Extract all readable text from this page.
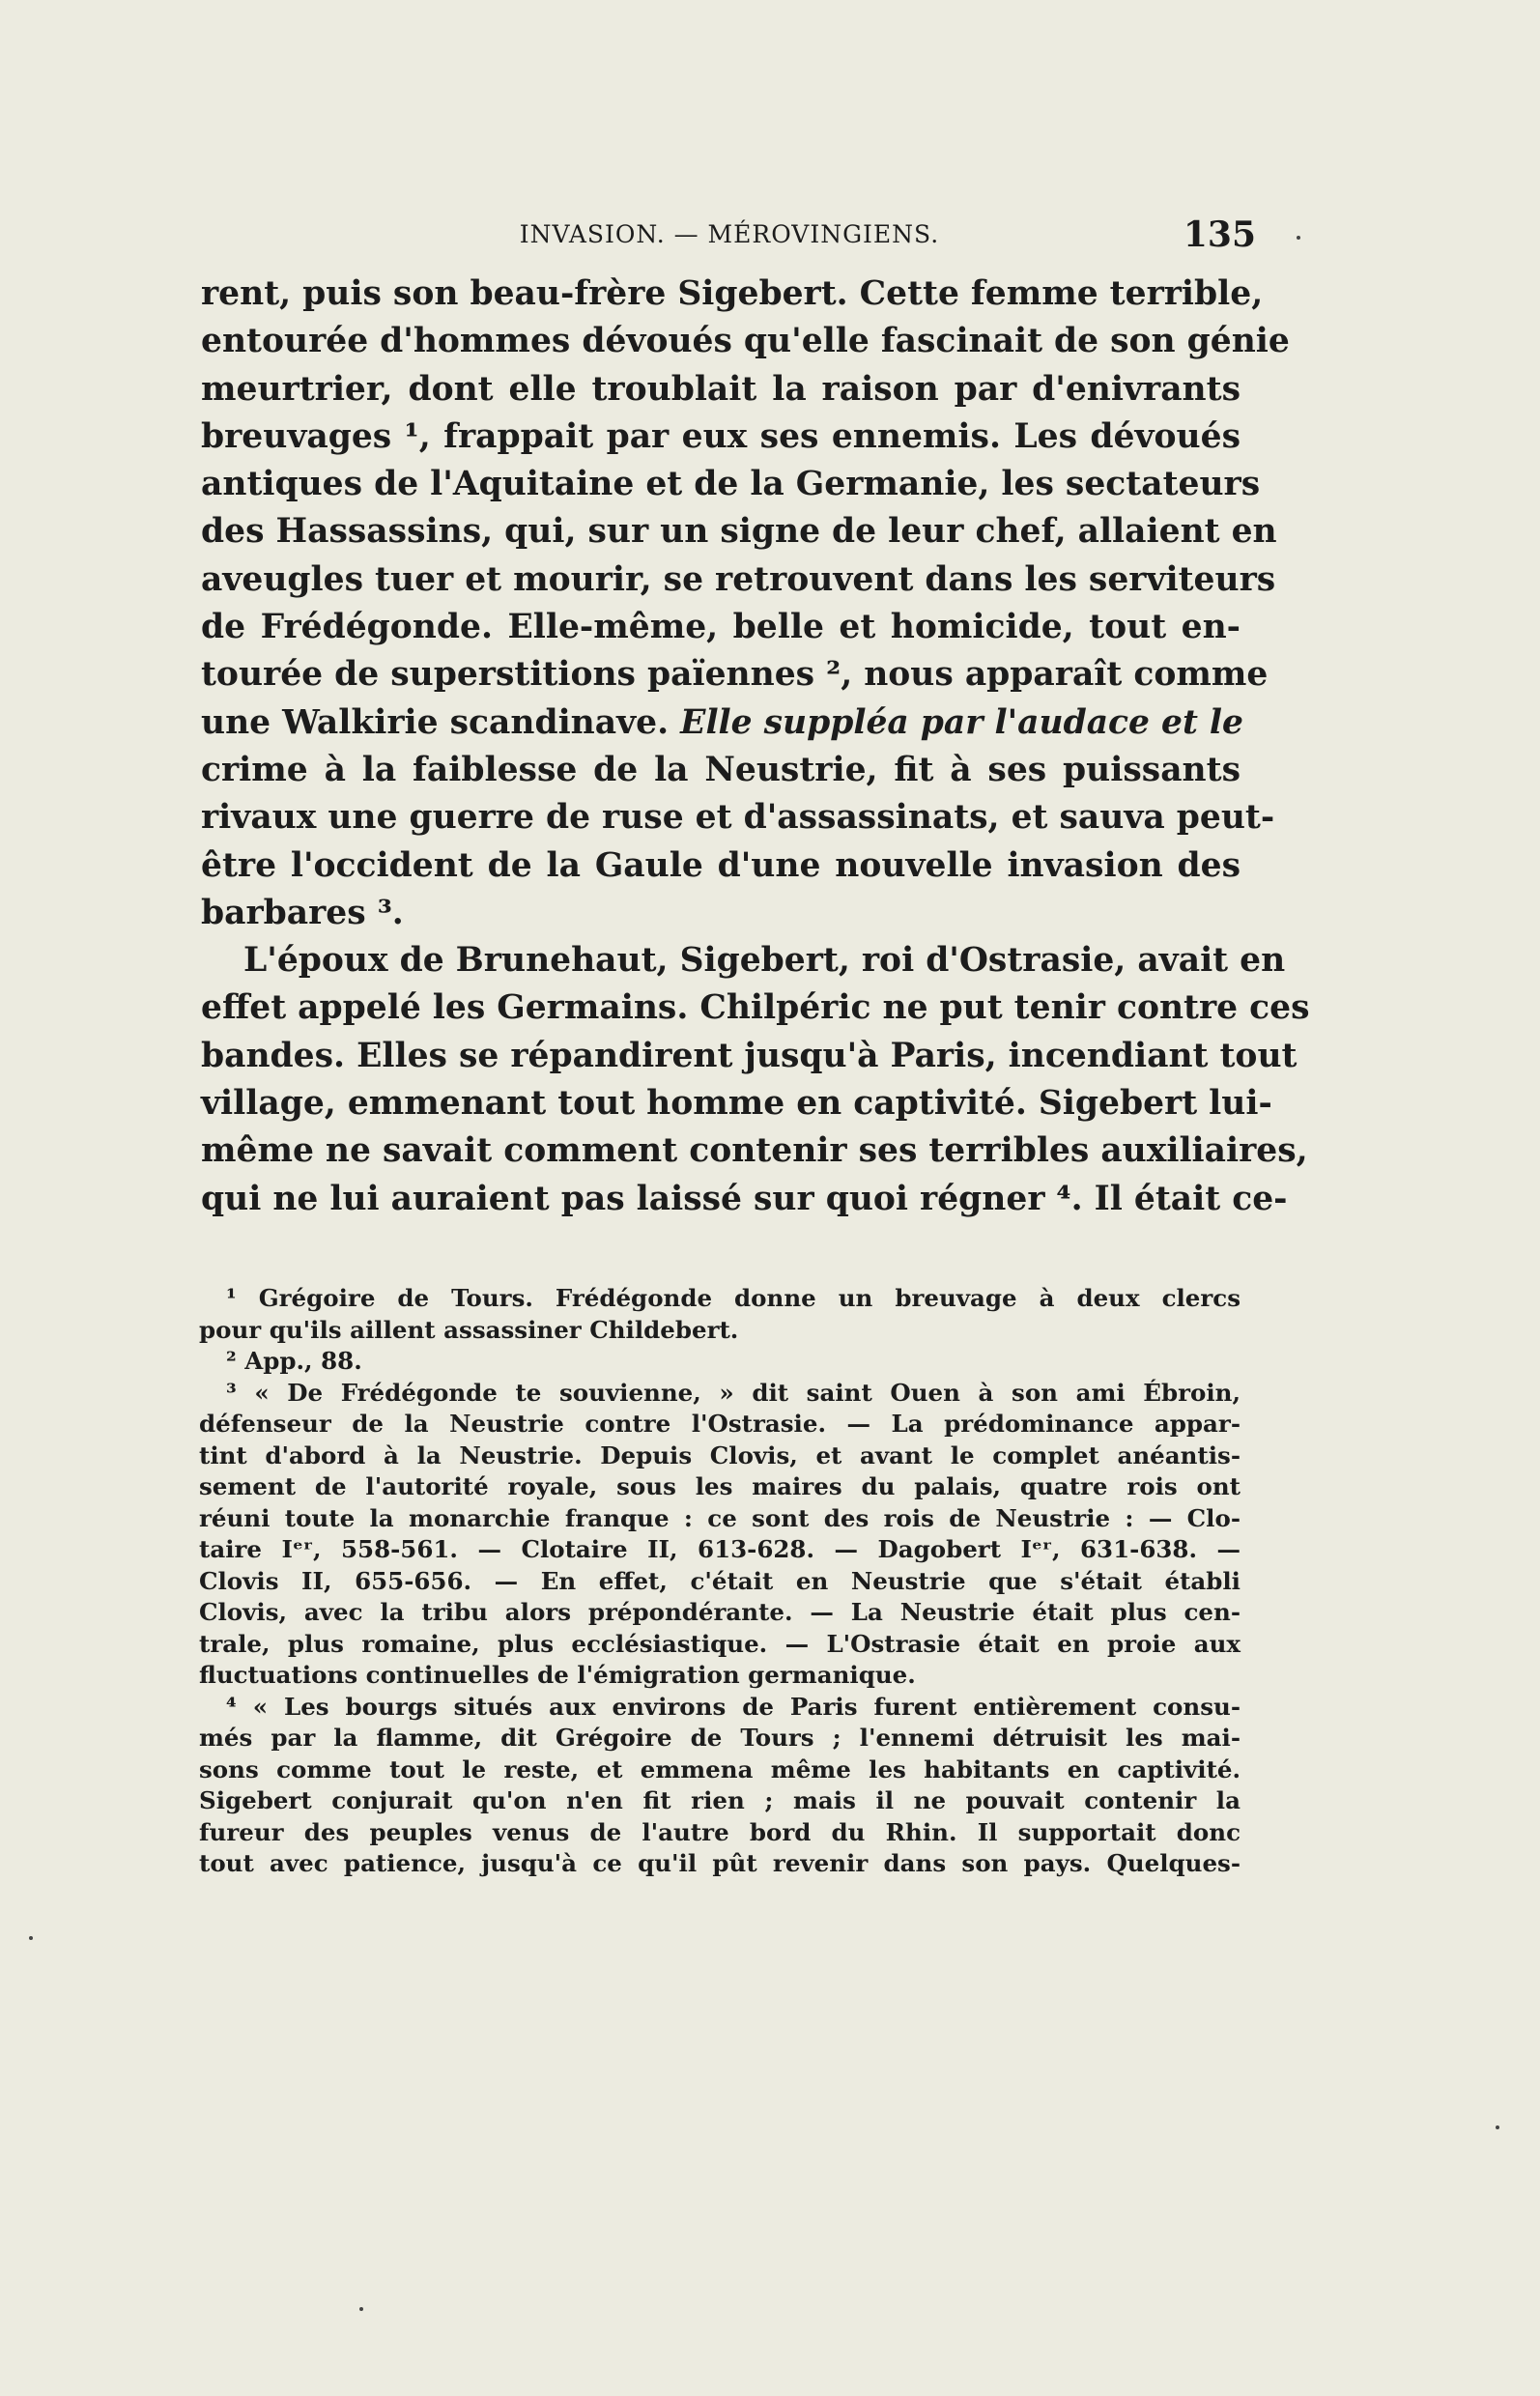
INVASION. — MÉROVINGIENS.	135
rent, puis son beau-frère Sigebert. Cette femme terrible,
entourée d'hommes dévoués qu'elle fascinait de son génie
meurtrier, dont elle troublait la raison par d'enivrants
breuvages ¹, frappait par eux ses ennemis. Les dévoués
antiques de l'Aquitaine et de la Germanie, les sectateurs
des Hassassins, qui, sur un signe de leur chef, allaient en
aveugles tuer et mourir, se retrouvent dans les serviteurs
de Frédégonde. Elle-même, belle et homicide, tout en-
tourée de superstitions païennes ², nous apparaît comme
une Walkirie scandinave. Elle suppléa par l'audace et le
crime à la faiblesse de la Neustrie, fit à ses puissants
rivaux une guerre de ruse et d'assassinats, et sauva peut-
être l'occident de la Gaule d'une nouvelle invasion des
barbares ³.
L'époux de Brunehaut, Sigebert, roi d'Ostrasie, avait en
effet appelé les Germains. Chilpéric ne put tenir contre ces
bandes. Elles se répandirent jusqu'à Paris, incendiant tout
village, emmenant tout homme en captivité. Sigebert lui-
même ne savait comment contenir ses terribles auxiliaires,
qui ne lui auraient pas laissé sur quoi régner ⁴. Il était ce-
¹ Grégoire de Tours. Frédégonde donne un breuvage à deux clercs
pour qu'ils aillent assassiner Childebert.
² App., 88.
³ « De Frédégonde te souvienne, » dit saint Ouen à son ami Ébroin,
défenseur de la Neustrie contre l'Ostrasie. — La prédominance appar-
tint d'abord à la Neustrie. Depuis Clovis, et avant le complet anéantis-
sement de l'autorité royale, sous les maires du palais, quatre rois ont
réuni toute la monarchie franque : ce sont des rois de Neustrie : — Clo-
taire Iᵉʳ, 558-561. — Clotaire II, 613-628. — Dagobert Iᵉʳ, 631-638. —
Clovis II, 655-656. — En effet, c'était en Neustrie que s'était établi
Clovis, avec la tribu alors prépondérante. — La Neustrie était plus cen-
trale, plus romaine, plus ecclésiastique. — L'Ostrasie était en proie aux
fluctuations continuelles de l'émigration germanique.
⁴ « Les bourgs situés aux environs de Paris furent entièrement consu-
més par la flamme, dit Grégoire de Tours ; l'ennemi détruisit les mai-
sons comme tout le reste, et emmena même les habitants en captivité.
Sigebert conjurait qu'on n'en fit rien ; mais il ne pouvait contenir la
fureur des peuples venus de l'autre bord du Rhin. Il supportait donc
tout avec patience, jusqu'à ce qu'il pût revenir dans son pays. Quelques-
